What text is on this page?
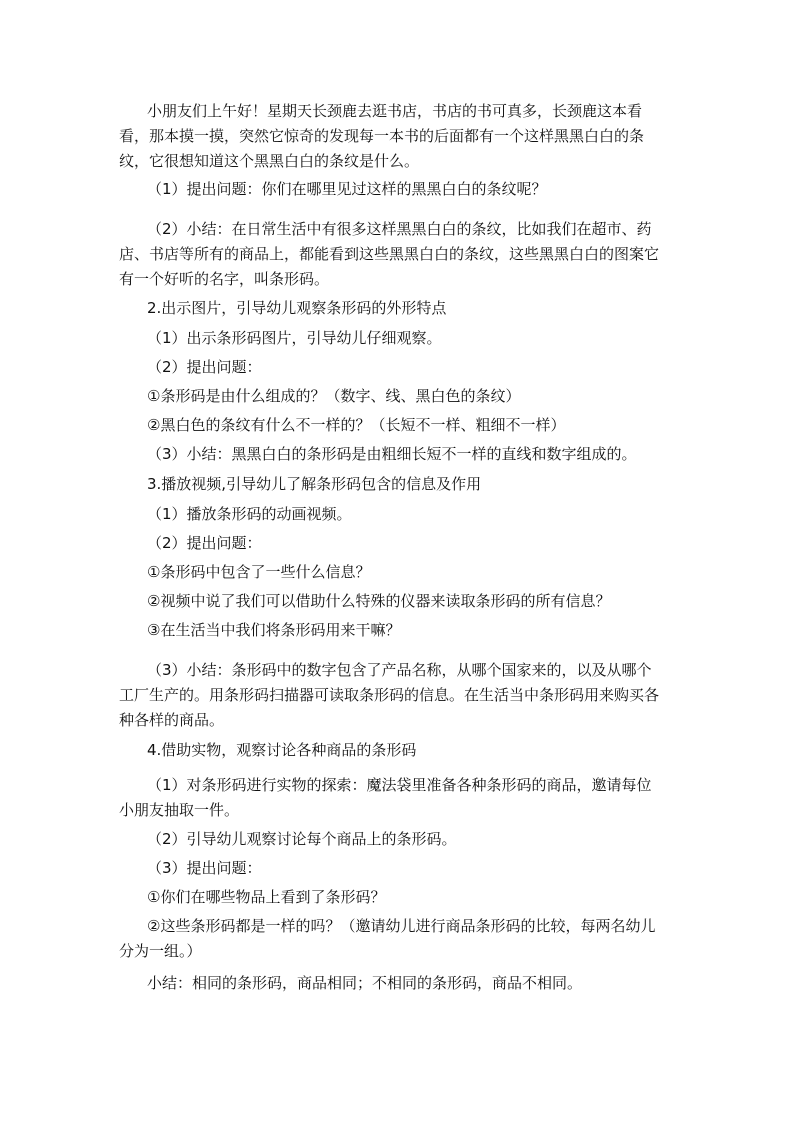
小朋友们上午好！星期天长颈鹿去逛书店，书店的书可真多，长颈鹿这本看
看，那本摸一摸，突然它惊奇的发现每一本书的后面都有一个这样黑黑白白的条
纹，它很想知道这个黑黑白白的条纹是什么。

（1）提出问题：你们在哪里见过这样的黑黑白白的条纹呢？

（2）小结：在日常生活中有很多这样黑黑白白的条纹，比如我们在超市、药
店、书店等所有的商品上，都能看到这些黑黑白白的条纹，这些黑黑白白的图案它
有一个好听的名字，叫条形码。

2.出示图片，引导幼儿观察条形码的外形特点

（1）出示条形码图片，引导幼儿仔细观察。

（2）提出问题：

①条形码是由什么组成的？（数字、线、黑白色的条纹）

②黑白色的条纹有什么不一样的？（长短不一样、粗细不一样）

（3）小结：黑黑白白的条形码是由粗细长短不一样的直线和数字组成的。

3.播放视频,引导幼儿了解条形码包含的信息及作用

（1）播放条形码的动画视频。

（2）提出问题：

①条形码中包含了一些什么信息？

②视频中说了我们可以借助什么特殊的仪器来读取条形码的所有信息？

③在生活当中我们将条形码用来干嘛？

（3）小结：条形码中的数字包含了产品名称，从哪个国家来的，以及从哪个
工厂生产的。用条形码扫描器可读取条形码的信息。在生活当中条形码用来购买各
种各样的商品。

4.借助实物，观察讨论各种商品的条形码

（1）对条形码进行实物的探索：魔法袋里准备各种条形码的商品，邀请每位
小朋友抽取一件。

（2）引导幼儿观察讨论每个商品上的条形码。

（3）提出问题：

①你们在哪些物品上看到了条形码？

②这些条形码都是一样的吗？（邀请幼儿进行商品条形码的比较，每两名幼儿
分为一组。）

小结：相同的条形码，商品相同；不相同的条形码，商品不相同。
